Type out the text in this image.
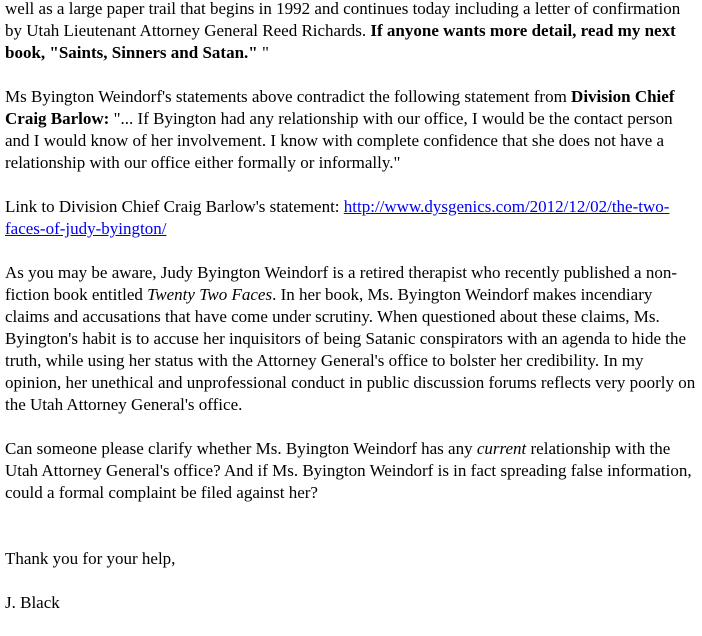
well as a large paper trail that begins in 1992 and continues today including a letter of confirmation by Utah Lieutenant Attorney General Reed Richards. If anyone wants more detail, read my next book, "Saints, Sinners and Satan." "

Ms Byington Weindorf's statements above contradict the following statement from Division Chief Craig Barlow: "... If Byington had any relationship with our office, I would be the contact person and I would know of her involvement. I know with complete confidence that she does not have a relationship with our office either formally or informally."

Link to Division Chief Craig Barlow's statement: http://www.dysgenics.com/2012/12/02/the-two-faces-of-judy-byington/

As you may be aware, Judy Byington Weindorf is a retired therapist who recently published a non-fiction book entitled Twenty Two Faces. In her book, Ms. Byington Weindorf makes incendiary claims and accusations that have come under scrutiny. When questioned about these claims, Ms. Byington's habit is to accuse her inquisitors of being Satanic conspirators with an agenda to hide the truth, while using her status with the Attorney General's office to bolster her credibility. In my opinion, her unethical and unprofessional conduct in public discussion forums reflects very poorly on the Utah Attorney General's office.

Can someone please clarify whether Ms. Byington Weindorf has any current relationship with the Utah Attorney General's office? And if Ms. Byington Weindorf is in fact spreading false information, could a formal complaint be filed against her?

Thank you for your help,

J. Black
